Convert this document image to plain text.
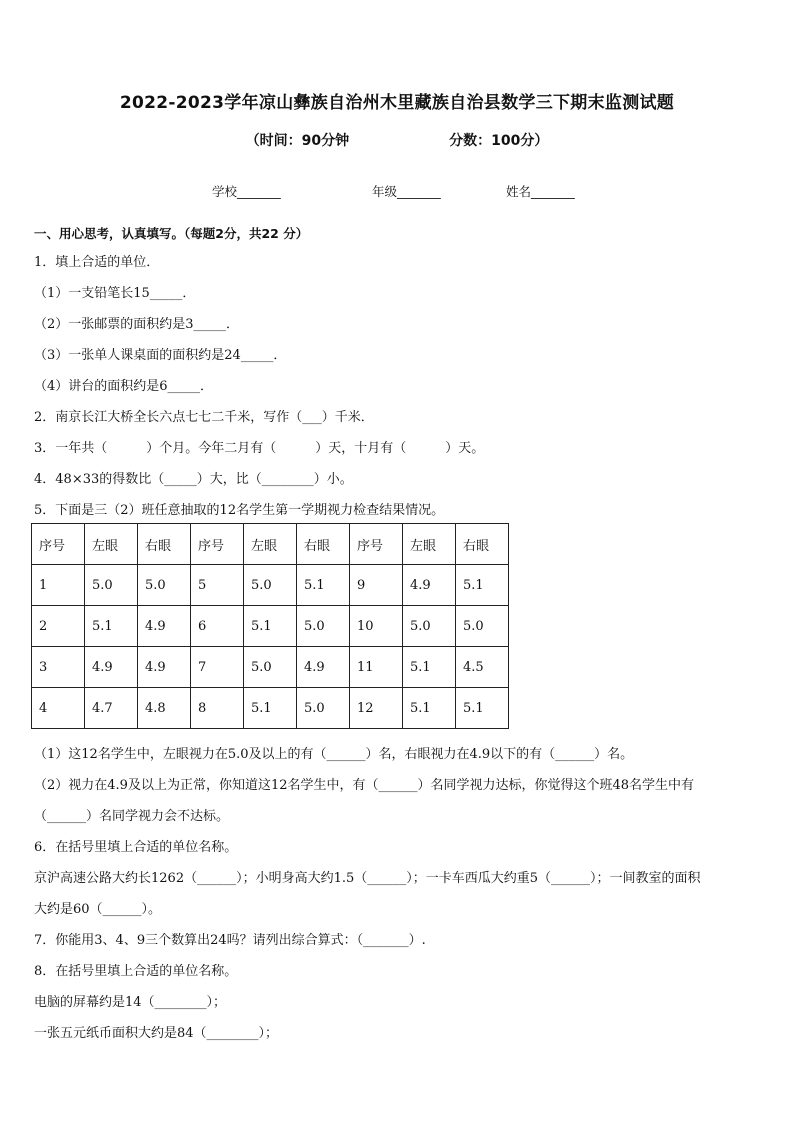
2022-2023学年凉山彝族自治州木里藏族自治县数学三下期末监测试题
（时间：90分钟	分数：100分）
学校_______	年级_______	姓名_______
一、用心思考，认真填写。（每题2分，共22 分）
1．填上合适的单位．
（1）一支铅笔长15_____．
（2）一张邮票的面积约是3_____．
（3）一张单人课桌面的面积约是24_____．
（4）讲台的面积约是6_____．
2．南京长江大桥全长六点七七二千米，写作（___）千米．
3．一年共（　　　）个月。今年二月有（　　　）天，十月有（　　　）天。
4．48×33的得数比（_____）大，比（________）小。
5．下面是三（2）班任意抽取的12名学生第一学期视力检查结果情况。
序号	左眼	右眼	序号	左眼	右眼	序号	左眼	右眼
1	5.0	5.0	5	5.0	5.1	9	4.9	5.1
2	5.1	4.9	6	5.1	5.0	10	5.0	5.0
3	4.9	4.9	7	5.0	4.9	11	5.1	4.5
4	4.7	4.8	8	5.1	5.0	12	5.1	5.1
（1）这12名学生中，左眼视力在5.0及以上的有（______）名，右眼视力在4.9以下的有（______）名。
（2）视力在4.9及以上为正常，你知道这12名学生中，有（______）名同学视力达标，你觉得这个班48名学生中有
（______）名同学视力会不达标。
6．在括号里填上合适的单位名称。
京沪高速公路大约长1262（______）；小明身高大约1.5（______）；一卡车西瓜大约重5（______）；一间教室的面积
大约是60（______）。
7．你能用3、4、9三个数算出24吗？请列出综合算式：（_______）.
8．在括号里填上合适的单位名称。
电脑的屏幕约是14（________）；
一张五元纸币面积大约是84（________）；
